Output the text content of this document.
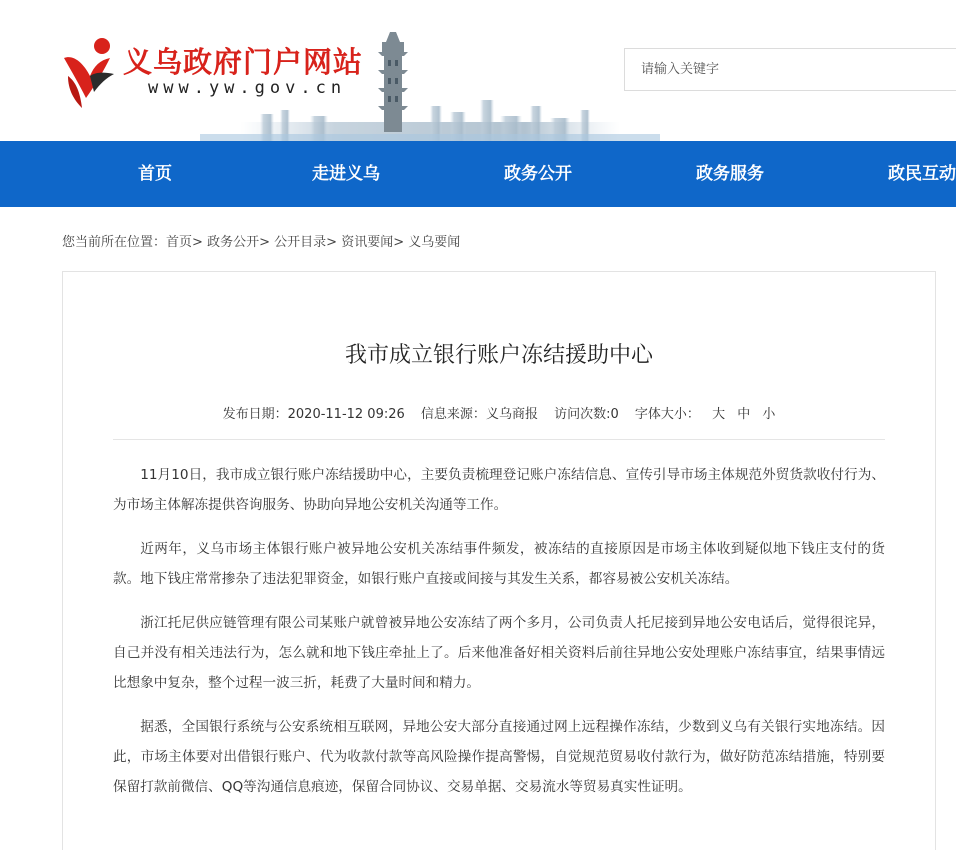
义乌政府门户网站
www.yw.gov.cn
请输入关键字
首页	走进义乌	政务公开	政务服务	政民互动
您当前所在位置：首页> 政务公开> 公开目录> 资讯要闻> 义乌要闻
我市成立银行账户冻结援助中心
发布日期：2020-11-12 09:26 信息来源：义乌商报 访问次数:0 字体大小： 大 中 小

11月10日，我市成立银行账户冻结援助中心，主要负责梳理登记账户冻结信息、宣传引导市场主体规范外贸货款收付行为、为市场主体解冻提供咨询服务、协助向异地公安机关沟通等工作。

近两年，义乌市场主体银行账户被异地公安机关冻结事件频发，被冻结的直接原因是市场主体收到疑似地下钱庄支付的货款。地下钱庄常常掺杂了违法犯罪资金，如银行账户直接或间接与其发生关系，都容易被公安机关冻结。

浙江托尼供应链管理有限公司某账户就曾被异地公安冻结了两个多月，公司负责人托尼接到异地公安电话后，觉得很诧异，自己并没有相关违法行为，怎么就和地下钱庄牵扯上了。后来他准备好相关资料后前往异地公安处理账户冻结事宜，结果事情远比想象中复杂，整个过程一波三折，耗费了大量时间和精力。

据悉，全国银行系统与公安系统相互联网，异地公安大部分直接通过网上远程操作冻结，少数到义乌有关银行实地冻结。因此，市场主体要对出借银行账户、代为收款付款等高风险操作提高警惕，自觉规范贸易收付款行为，做好防范冻结措施，特别要保留打款前微信、QQ等沟通信息痕迹，保留合同协议、交易单据、交易流水等贸易真实性证明。
